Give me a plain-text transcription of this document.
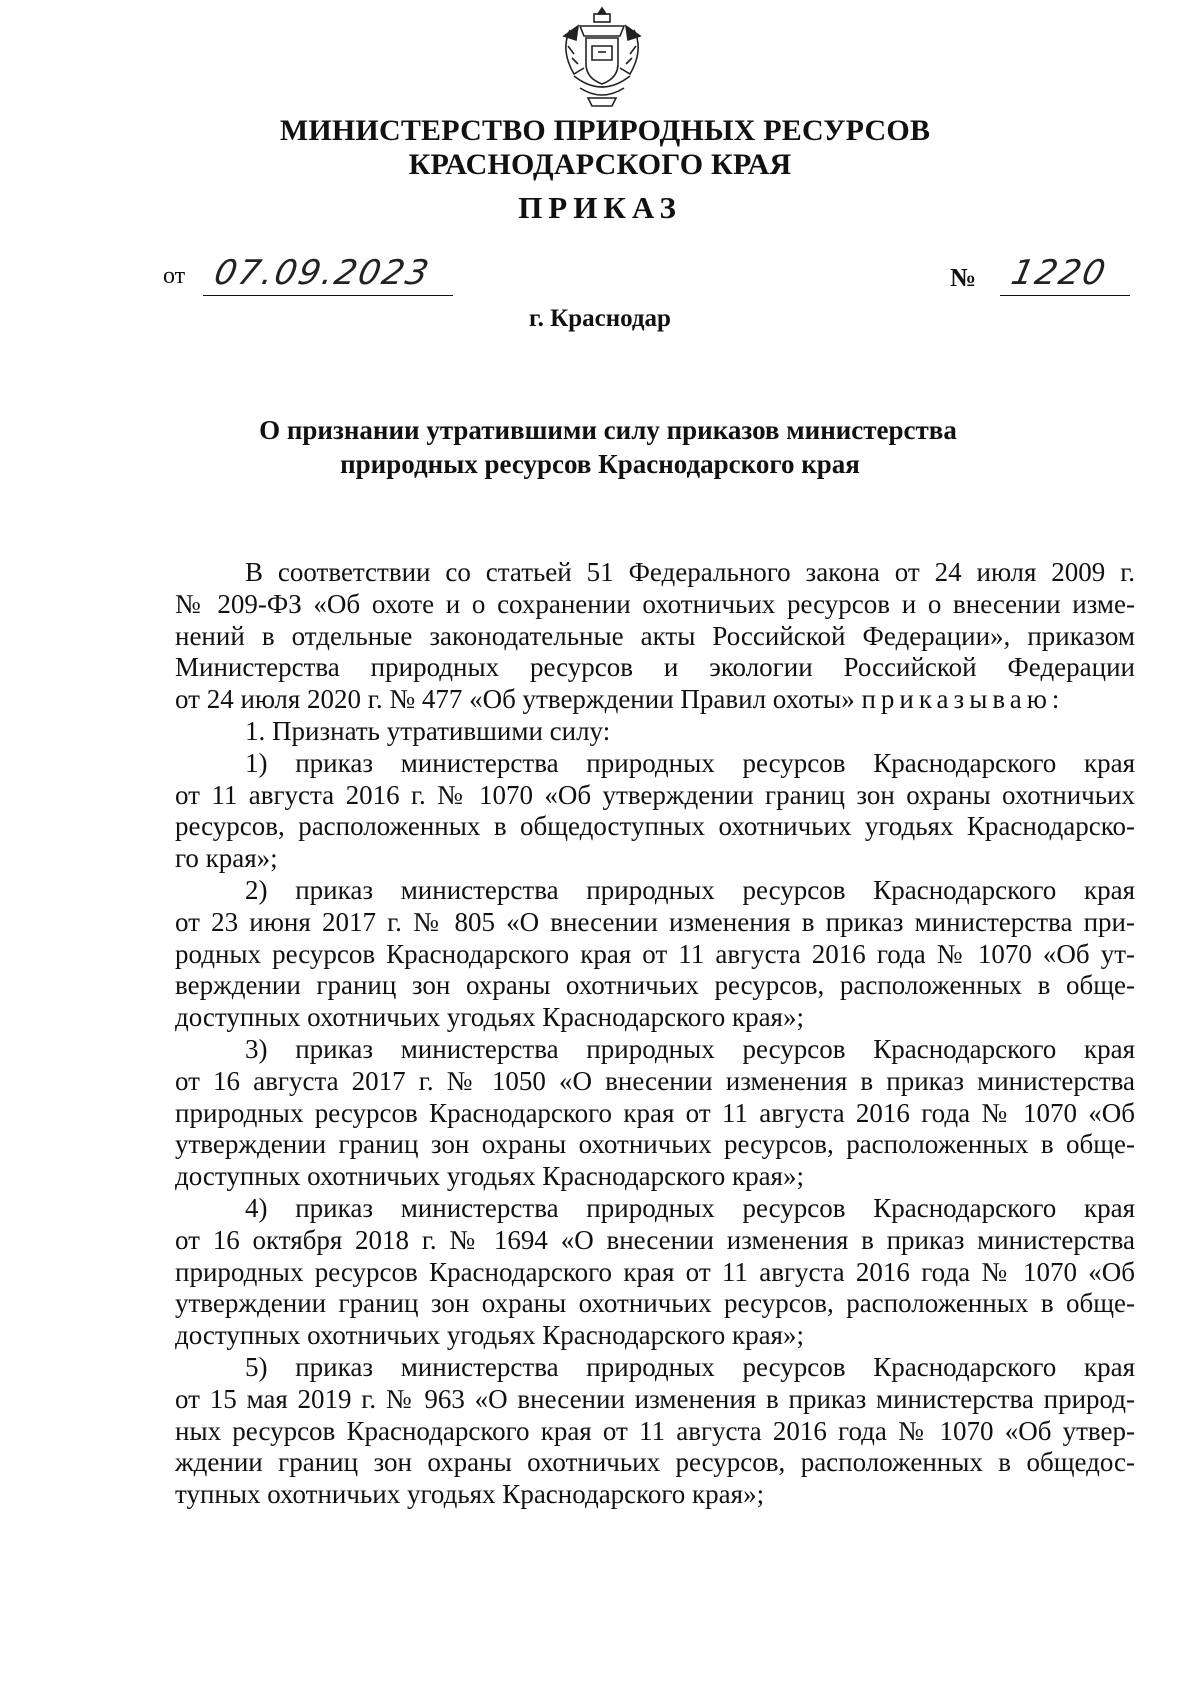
МИНИСТЕРСТВО ПРИРОДНЫХ РЕСУРСОВ
КРАСНОДАРСКОГО КРАЯ
ПРИКАЗ
от 07.09.2023	№ 1220
г. Краснодар
О признании утратившими силу приказов министерства
природных ресурсов Краснодарского края

В соответствии со статьей 51 Федерального закона от 24 июля 2009 г.

№ 209-ФЗ «Об охоте и о сохранении охотничьих ресурсов и о внесении изме-

нений в отдельные законодательные акты Российской Федерации», приказом

Министерства природных ресурсов и экологии Российской Федерации

от 24 июля 2020 г. № 477 «Об утверждении Правил охоты» приказываю:

1. Признать утратившими силу:

1) приказ министерства природных ресурсов Краснодарского края

от 11 августа 2016 г. № 1070 «Об утверждении границ зон охраны охотничьих

ресурсов, расположенных в общедоступных охотничьих угодьях Краснодарско-

го края»;

2) приказ министерства природных ресурсов Краснодарского края

от 23 июня 2017 г. № 805 «О внесении изменения в приказ министерства при-

родных ресурсов Краснодарского края от 11 августа 2016 года № 1070 «Об ут-

верждении границ зон охраны охотничьих ресурсов, расположенных в обще-

доступных охотничьих угодьях Краснодарского края»;

3) приказ министерства природных ресурсов Краснодарского края

от 16 августа 2017 г. № 1050 «О внесении изменения в приказ министерства

природных ресурсов Краснодарского края от 11 августа 2016 года № 1070 «Об

утверждении границ зон охраны охотничьих ресурсов, расположенных в обще-

доступных охотничьих угодьях Краснодарского края»;

4) приказ министерства природных ресурсов Краснодарского края

от 16 октября 2018 г. № 1694 «О внесении изменения в приказ министерства

природных ресурсов Краснодарского края от 11 августа 2016 года № 1070 «Об

утверждении границ зон охраны охотничьих ресурсов, расположенных в обще-

доступных охотничьих угодьях Краснодарского края»;

5) приказ министерства природных ресурсов Краснодарского края

от 15 мая 2019 г. № 963 «О внесении изменения в приказ министерства природ-

ных ресурсов Краснодарского края от 11 августа 2016 года № 1070 «Об утвер-

ждении границ зон охраны охотничьих ресурсов, расположенных в общедос-

тупных охотничьих угодьях Краснодарского края»;
